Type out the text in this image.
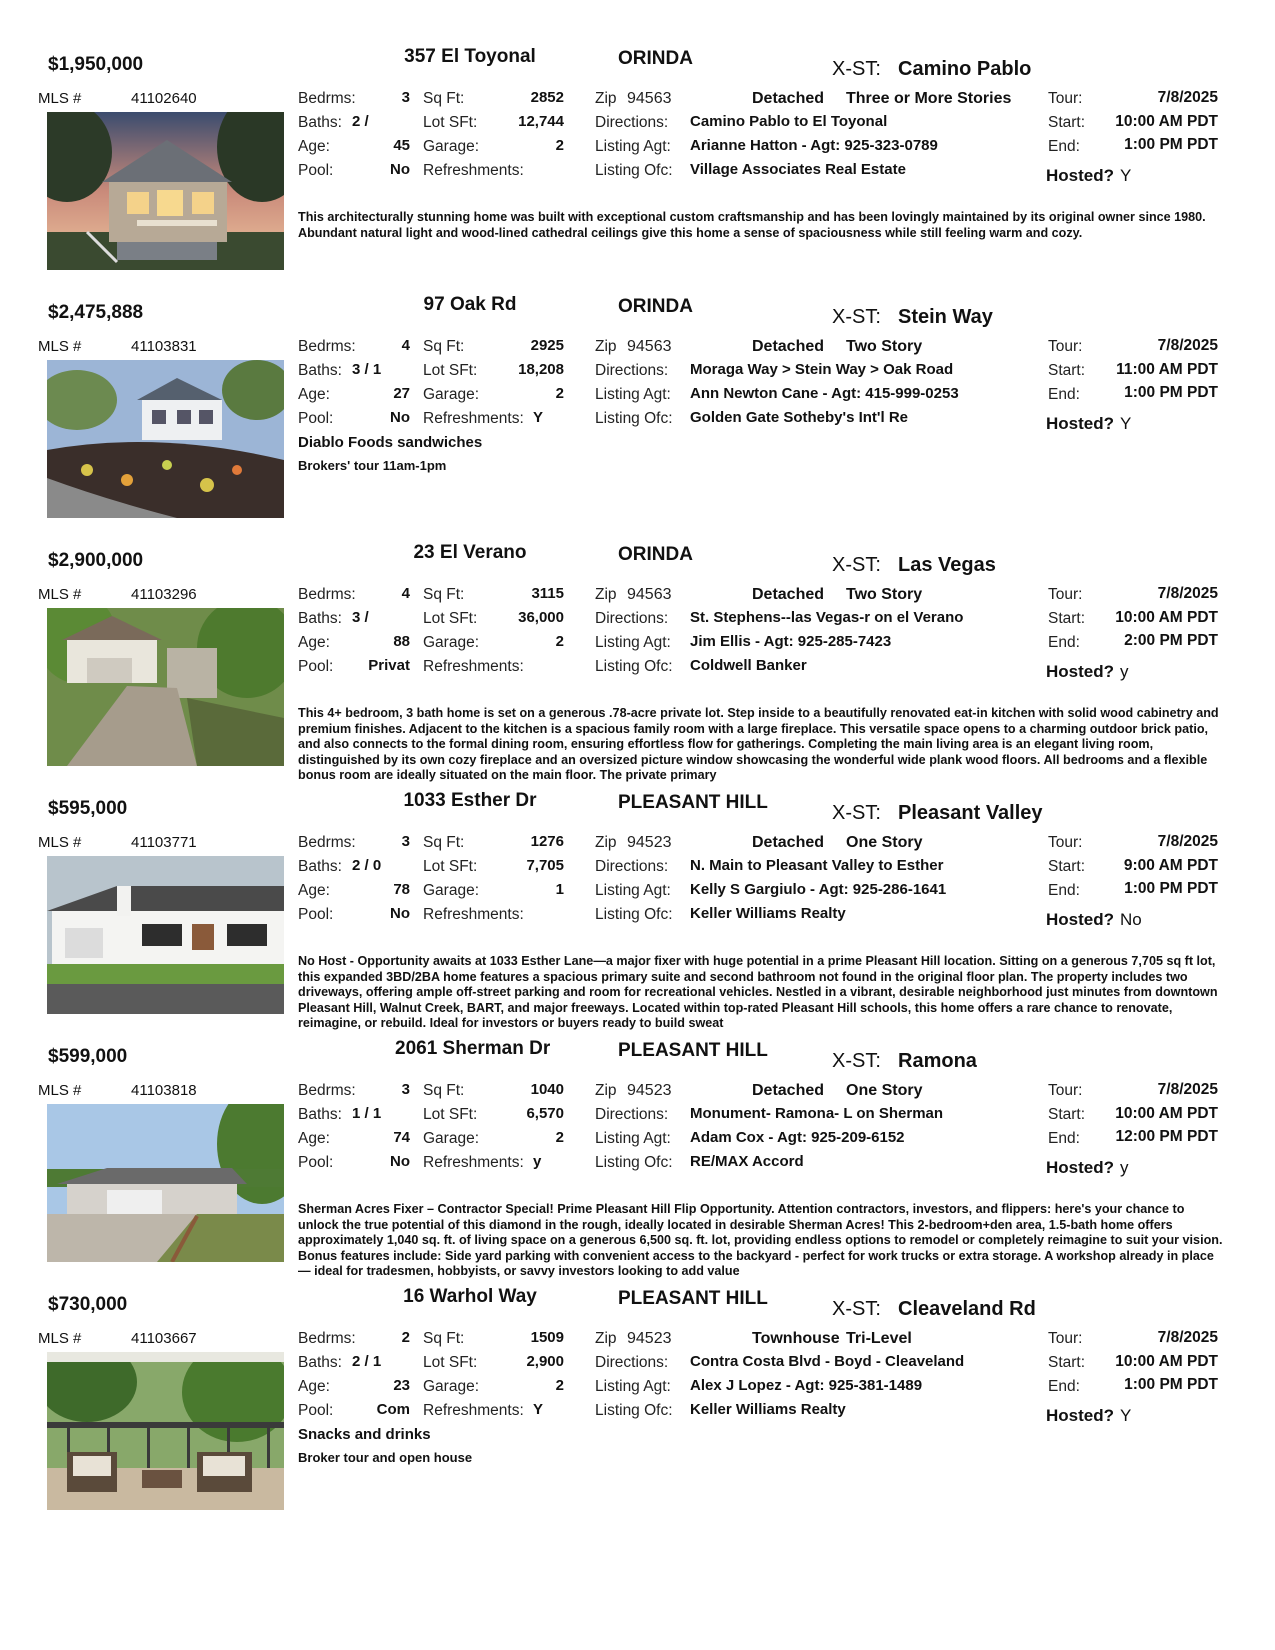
$1,950,000	357 El Toyonal	ORINDA	X-ST: Camino Pablo
MLS #	41102640	Bedrms:	3
Baths: 2 /
Age:	45
Pool:	No
Sq Ft:	2852
Lot SFt:	12,744
Garage:	2
Refreshments:
Zip 94563	Detached Three or More Stories
Directions: Camino Pablo to El Toyonal
Listing Agt: Arianne Hatton - Agt: 925-323-0789
Listing Ofc: Village Associates Real Estate
Tour:	7/8/2025
Start:	10:00 AM PDT
End:	1:00 PM PDT
Hosted? Y
This architecturally stunning home was built with exceptional custom craftsmanship and has been lovingly maintained by its original owner since 1980. Abundant natural light and wood-lined cathedral ceilings give this home a sense of spaciousness while still feeling warm and cozy.
$2,475,888	97 Oak Rd	ORINDA	X-ST: Stein Way
MLS #	41103831	Bedrms:	4
Baths: 3 / 1
Age:	27
Pool:	No
Sq Ft:	2925
Lot SFt:	18,208
Garage:	2
Refreshments: Y
Zip 94563	Detached Two Story
Directions: Moraga Way > Stein Way > Oak Road
Listing Agt: Ann Newton Cane - Agt: 415-999-0253
Listing Ofc: Golden Gate Sotheby's Int'l Re
Tour:	7/8/2025
Start:	11:00 AM PDT
End:	1:00 PM PDT
Hosted? Y
Diablo Foods sandwiches
Brokers' tour 11am-1pm
$2,900,000	23 El Verano	ORINDA	X-ST: Las Vegas
MLS #	41103296	Bedrms:	4
Baths: 3 /
Age:	88
Pool:	Privat
Sq Ft:	3115
Lot SFt:	36,000
Garage:	2
Refreshments:
Zip 94563	Detached Two Story
Directions: St. Stephens--las Vegas-r on el Verano
Listing Agt: Jim Ellis - Agt: 925-285-7423
Listing Ofc: Coldwell Banker
Tour:	7/8/2025
Start:	10:00 AM PDT
End:	2:00 PM PDT
Hosted? y
This 4+ bedroom, 3 bath home is set on a generous .78-acre private lot. Step inside to a beautifully renovated eat-in kitchen with solid wood cabinetry and premium finishes. Adjacent to the kitchen is a spacious family room with a large fireplace. This versatile space opens to a charming outdoor brick patio, and also connects to the formal dining room, ensuring effortless flow for gatherings. Completing the main living area is an elegant living room, distinguished by its own cozy fireplace and an oversized picture window showcasing the wonderful wide plank wood floors. All bedrooms and a flexible bonus room are ideally situated on the main floor. The private primary
$595,000	1033 Esther Dr	PLEASANT HILL	X-ST: Pleasant Valley
MLS #	41103771	Bedrms:	3
Baths: 2 / 0
Age:	78
Pool:	No
Sq Ft:	1276
Lot SFt:	7,705
Garage:	1
Refreshments:
Zip 94523	Detached One Story
Directions: N. Main to Pleasant Valley to Esther
Listing Agt: Kelly S Gargiulo - Agt: 925-286-1641
Listing Ofc: Keller Williams Realty
Tour:	7/8/2025
Start:	9:00 AM PDT
End:	1:00 PM PDT
Hosted? No
No Host - Opportunity awaits at 1033 Esther Lane—a major fixer with huge potential in a prime Pleasant Hill location. Sitting on a generous 7,705 sq ft lot, this expanded 3BD/2BA home features a spacious primary suite and second bathroom not found in the original floor plan. The property includes two driveways, offering ample off-street parking and room for recreational vehicles. Nestled in a vibrant, desirable neighborhood just minutes from downtown Pleasant Hill, Walnut Creek, BART, and major freeways. Located within top-rated Pleasant Hill schools, this home offers a rare chance to renovate, reimagine, or rebuild. Ideal for investors or buyers ready to build sweat
$599,000	2061 Sherman Dr	PLEASANT HILL	X-ST: Ramona
MLS #	41103818	Bedrms:	3
Baths: 1 / 1
Age:	74
Pool:	No
Sq Ft:	1040
Lot SFt:	6,570
Garage:	2
Refreshments: y
Zip 94523	Detached One Story
Directions: Monument- Ramona- L on Sherman
Listing Agt: Adam Cox - Agt: 925-209-6152
Listing Ofc: RE/MAX Accord
Tour:	7/8/2025
Start:	10:00 AM PDT
End:	12:00 PM PDT
Hosted? y
Sherman Acres Fixer – Contractor Special! Prime Pleasant Hill Flip Opportunity. Attention contractors, investors, and flippers: here's your chance to unlock the true potential of this diamond in the rough, ideally located in desirable Sherman Acres! This 2-bedroom+den area, 1.5-bath home offers approximately 1,040 sq. ft. of living space on a generous 6,500 sq. ft. lot, providing endless options to remodel or completely reimagine to suit your vision. Bonus features include: Side yard parking with convenient access to the backyard - perfect for work trucks or extra storage. A workshop already in place — ideal for tradesmen, hobbyists, or savvy investors looking to add value
$730,000	16 Warhol Way	PLEASANT HILL	X-ST: Cleaveland Rd
MLS #	41103667	Bedrms:	2
Baths: 2 / 1
Age:	23
Pool:	Com
Sq Ft:	1509
Lot SFt:	2,900
Garage:	2
Refreshments: Y
Zip 94523	Townhouse Tri-Level
Directions: Contra Costa Blvd - Boyd - Cleaveland
Listing Agt: Alex J Lopez - Agt: 925-381-1489
Listing Ofc: Keller Williams Realty
Tour:	7/8/2025
Start:	10:00 AM PDT
End:	1:00 PM PDT
Hosted? Y
Snacks and drinks
Broker tour and open house
